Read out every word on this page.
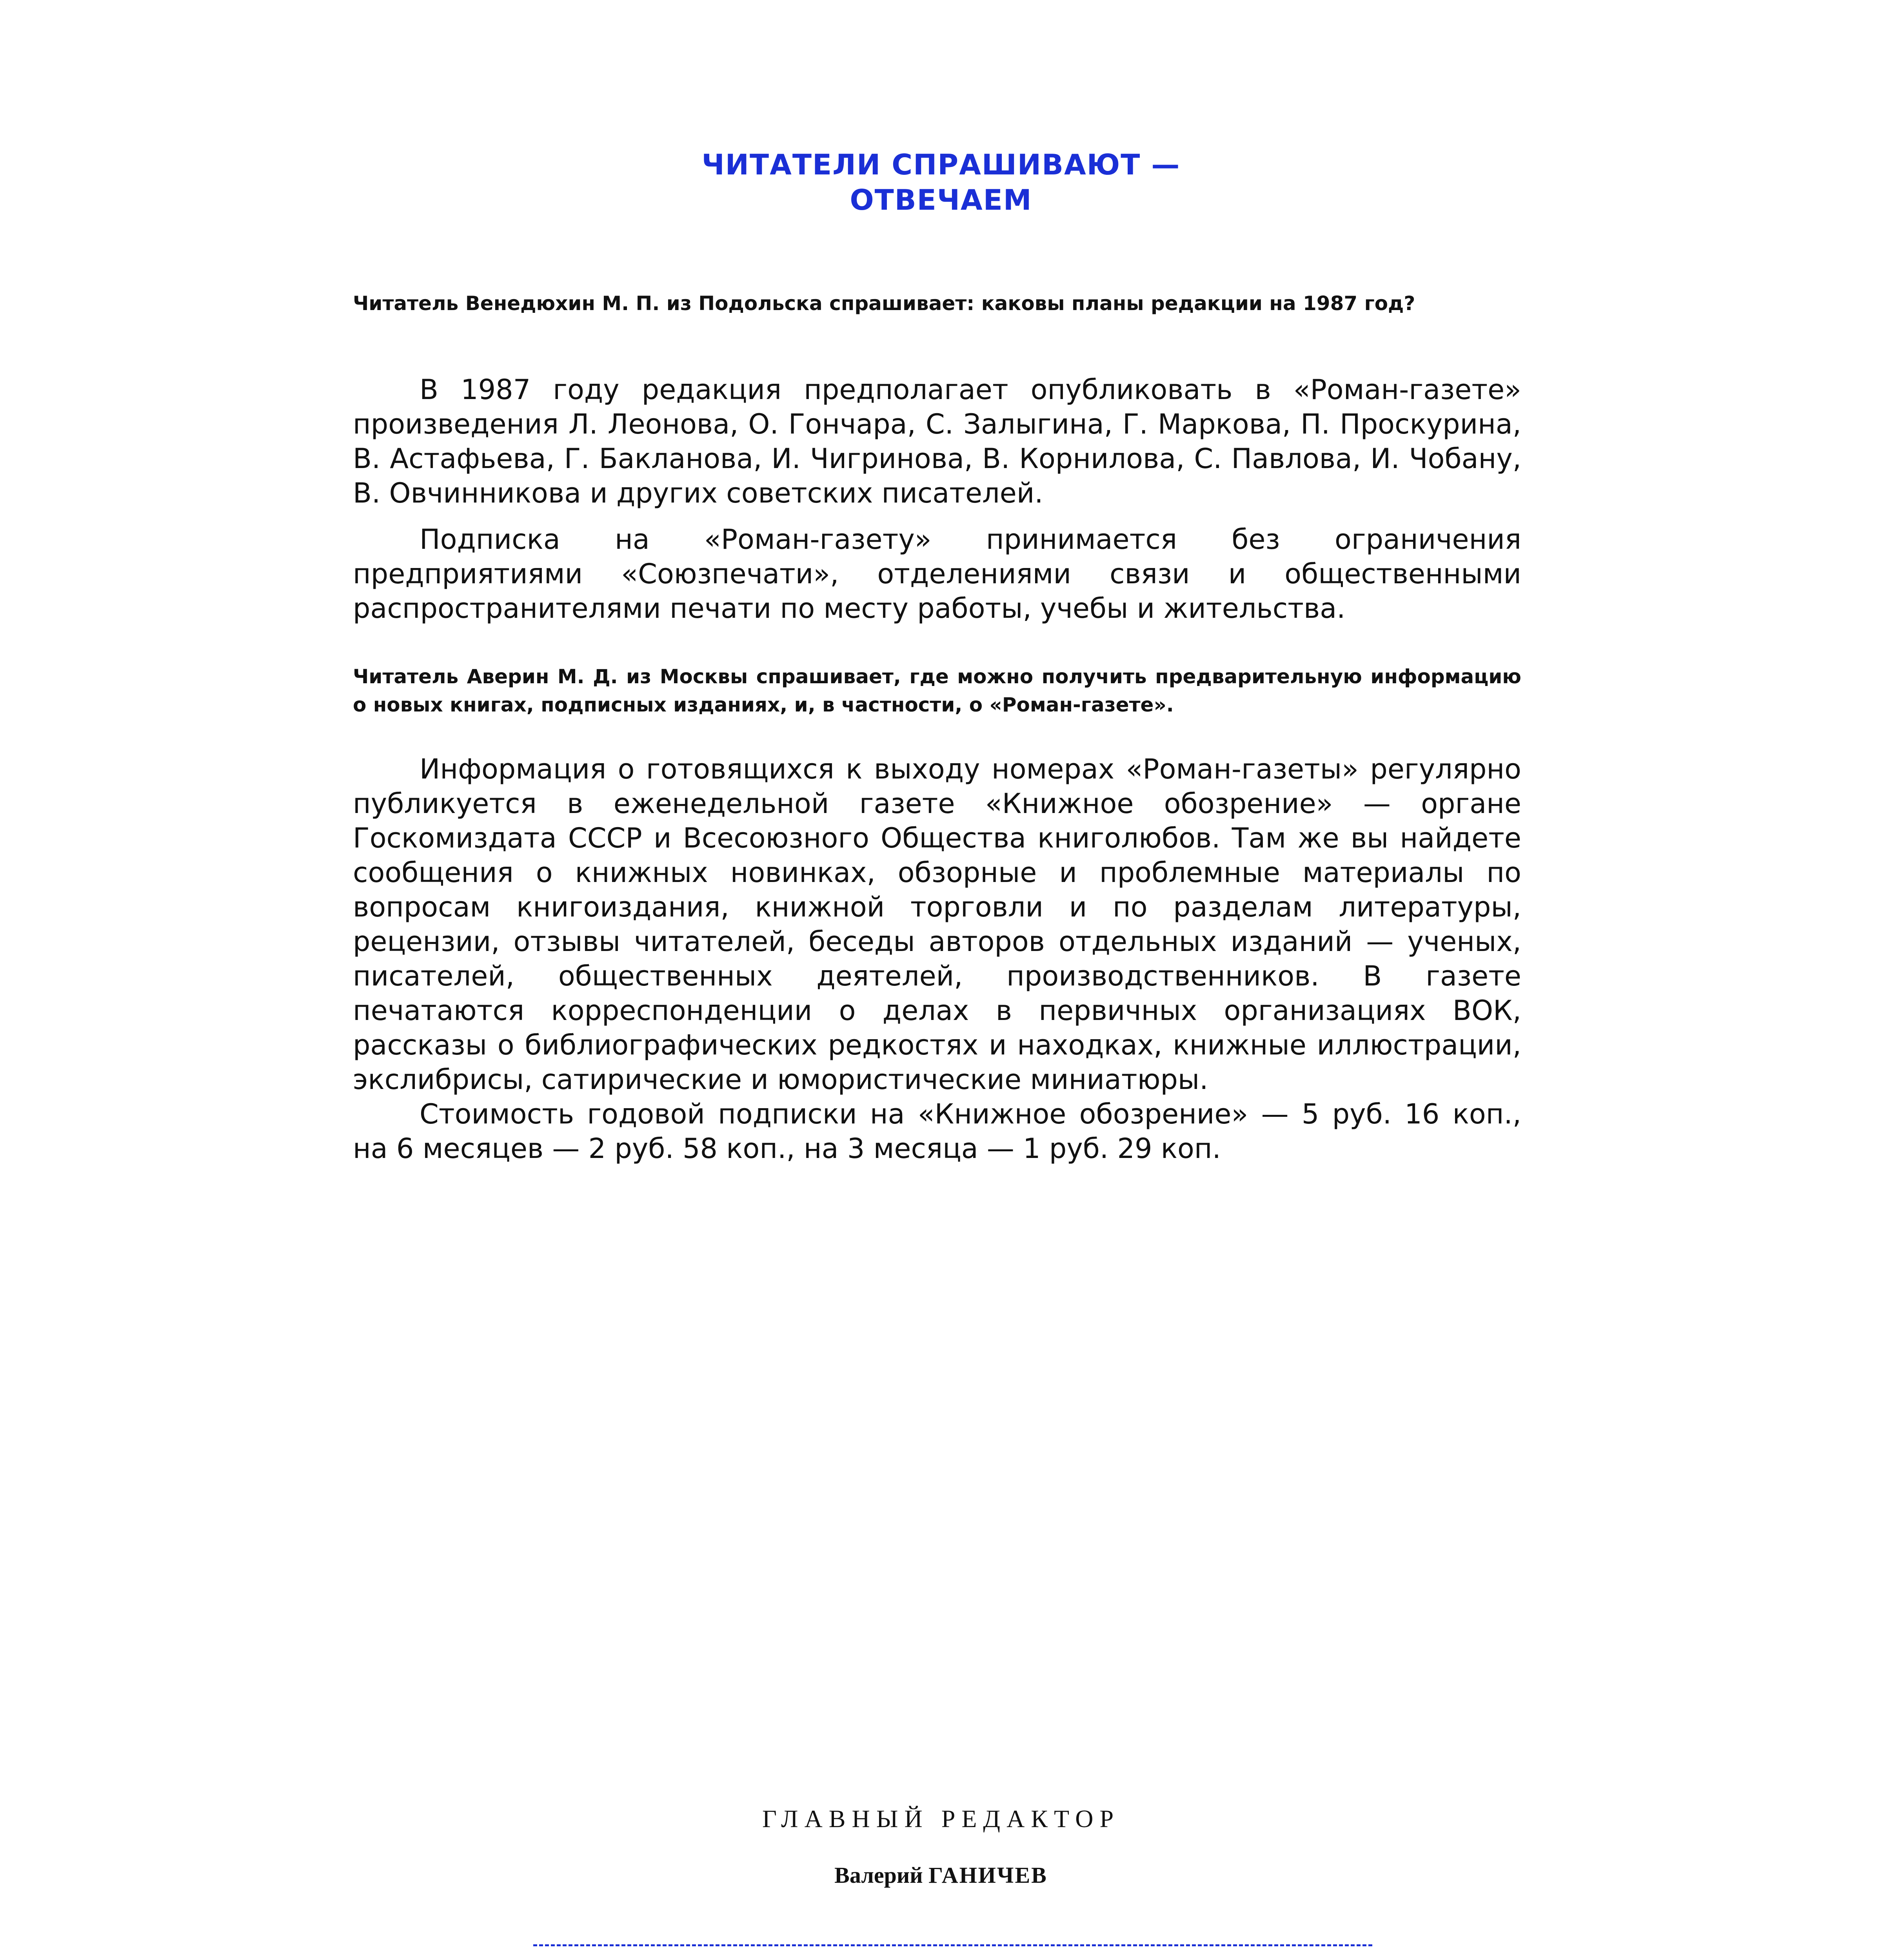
ЧИТАТЕЛИ СПРАШИВАЮТ —
ОТВЕЧАЕМ
Читатель Венедюхин М. П. из Подольска спрашивает: каковы планы редакции на 1987 год?

В 1987 году редакция предполагает опубликовать в «Роман-газете» произведения Л. Леонова, О. Гончара, С. Залыгина, Г. Маркова, П. Проскурина, В. Астафьева, Г. Бакланова, И. Чигринова, В. Корнилова, С. Павлова, И. Чобану, В. Овчинникова и других советских писателей.

Подписка на «Роман-газету» принимается без ограничения предприятиями «Союзпечати», отделениями связи и общественными распространителями печати по месту работы, учебы и жительства.

Читатель Аверин М. Д. из Москвы спрашивает, где можно получить предварительную информацию о новых книгах, подписных изданиях, и, в частности, о «Роман-газете».

Информация о готовящихся к выходу номерах «Роман-газеты» регулярно публикуется в еженедельной газете «Книжное обозрение» — органе Госкомиздата СССР и Всесоюзного Общества книголюбов. Там же вы найдете сообщения о книжных новинках, обзорные и проблемные материалы по вопросам книгоиздания, книжной торговли и по разделам литературы, рецензии, отзывы читателей, беседы авторов отдельных изданий — ученых, писателей, общественных деятелей, производственников. В газете печатаются корреспонденции о делах в первичных организациях ВОК, рассказы о библиографических редкостях и находках, книжные иллюстрации, экслибрисы, сатирические и юмористические миниатюры.

Стоимость годовой подписки на «Книжное обозрение» — 5 руб. 16 коп., на 6 месяцев — 2 руб. 58 коп., на 3 месяца — 1 руб. 29 коп.

ГЛАВНЫЙ РЕДАКТОР
Валерий ГАНИЧЕВ
